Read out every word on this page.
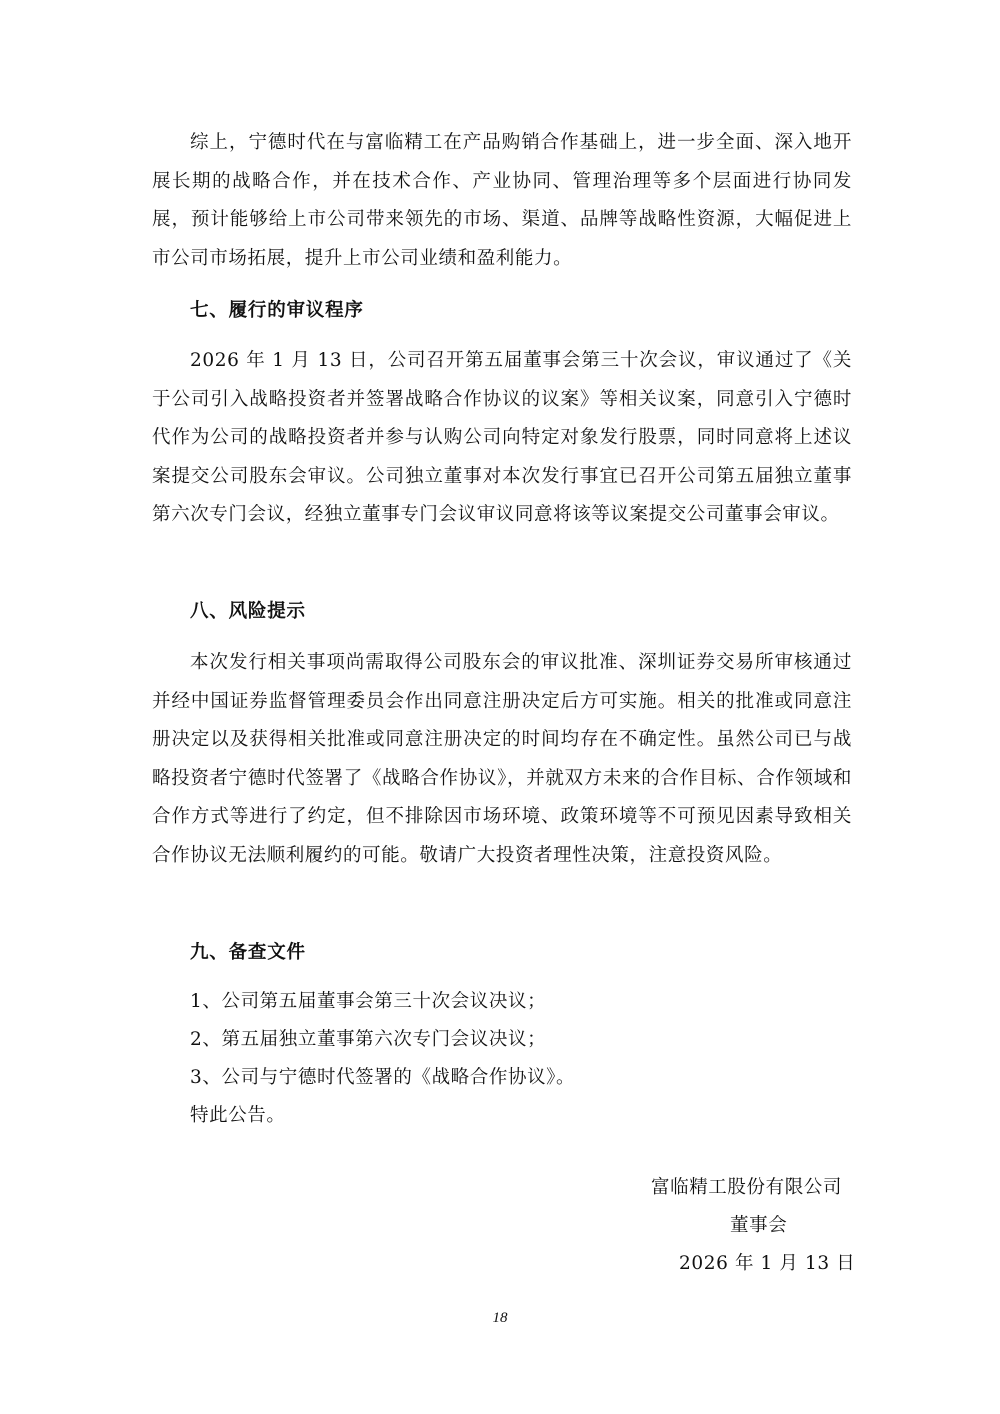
综上，宁德时代在与富临精工在产品购销合作基础上，进一步全面、深入地开展长期的战略合作，并在技术合作、产业协同、管理治理等多个层面进行协同发展，预计能够给上市公司带来领先的市场、渠道、品牌等战略性资源，大幅促进上市公司市场拓展，提升上市公司业绩和盈利能力。

七、履行的审议程序

2026 年 1 月 13 日，公司召开第五届董事会第三十次会议，审议通过了《关于公司引入战略投资者并签署战略合作协议的议案》等相关议案，同意引入宁德时代作为公司的战略投资者并参与认购公司向特定对象发行股票，同时同意将上述议案提交公司股东会审议。公司独立董事对本次发行事宜已召开公司第五届独立董事第六次专门会议，经独立董事专门会议审议同意将该等议案提交公司董事会审议。

八、风险提示

本次发行相关事项尚需取得公司股东会的审议批准、深圳证券交易所审核通过并经中国证券监督管理委员会作出同意注册决定后方可实施。相关的批准或同意注册决定以及获得相关批准或同意注册决定的时间均存在不确定性。虽然公司已与战略投资者宁德时代签署了《战略合作协议》，并就双方未来的合作目标、合作领域和合作方式等进行了约定，但不排除因市场环境、政策环境等不可预见因素导致相关合作协议无法顺利履约的可能。敬请广大投资者理性决策，注意投资风险。

九、备查文件

1、公司第五届董事会第三十次会议决议；

2、第五届独立董事第六次专门会议决议；

3、公司与宁德时代签署的《战略合作协议》。

特此公告。

富临精工股份有限公司

董事会

2026 年 1 月 13 日

18
